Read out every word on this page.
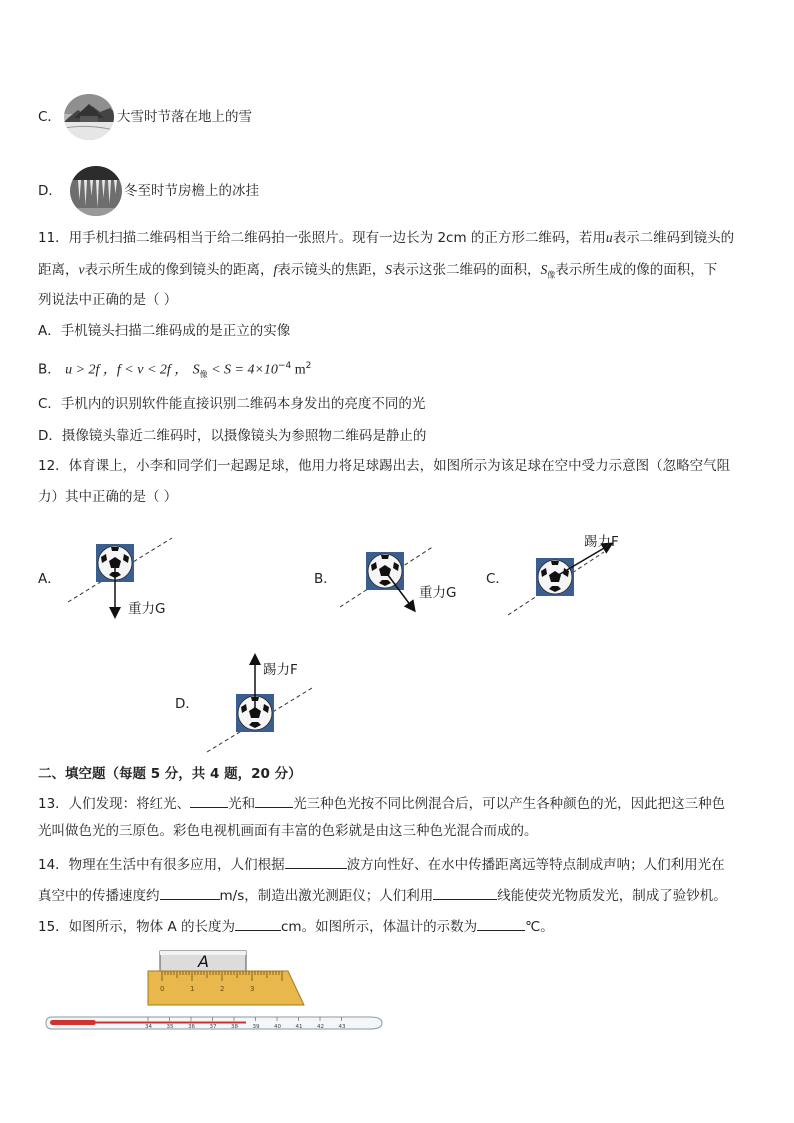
C．	大雪时节落在地上的雪
D．	冬至时节房檐上的冰挂
11．用手机扫描二维码相当于给二维码拍一张照片。现有一边长为 2cm 的正方形二维码，若用u表示二维码到镜头的
距离，v表示所生成的像到镜头的距离，f表示镜头的焦距，S表示这张二维码的面积，$S_像$表示所生成的像的面积，下
列说法中正确的是（ ）
A．手机镜头扫描二维码成的是正立的实像
B． u > 2f ，f < v < 2f ， $S_像 < S = 4\times 10^{-4}$ $m^2$
C．手机内的识别软件能直接识别二维码本身发出的亮度不同的光
D．摄像镜头靠近二维码时，以摄像镜头为参照物二维码是静止的
12．体育课上，小李和同学们一起踢足球，他用力将足球踢出去，如图所示为该足球在空中受力示意图（忽略空气阻
力）其中正确的是（ ）
A．
重力G
B．
重力G
C．
踢力F
D．
踢力F
二、填空题（每题 5 分，共 4 题，20 分）
13．人们发现：将红光、	光和	光三种色光按不同比例混合后，可以产生各种颜色的光，因此把这三种色
光叫做色光的三原色。彩色电视机画面有丰富的色彩就是由这三种色光混合而成的。
14．物理在生活中有很多应用，人们根据	波方向性好、在水中传播距离远等特点制成声呐；人们利用光在
真空中的传播速度约	m/s，制造出激光测距仪；人们利用	线能使荧光物质发光，制成了验钞机。
15．如图所示，物体 A 的长度为	cm。如图所示，体温计的示数为	℃。
A
0	1	2	3
34	35	36	37	38	39	40	41	42	43
